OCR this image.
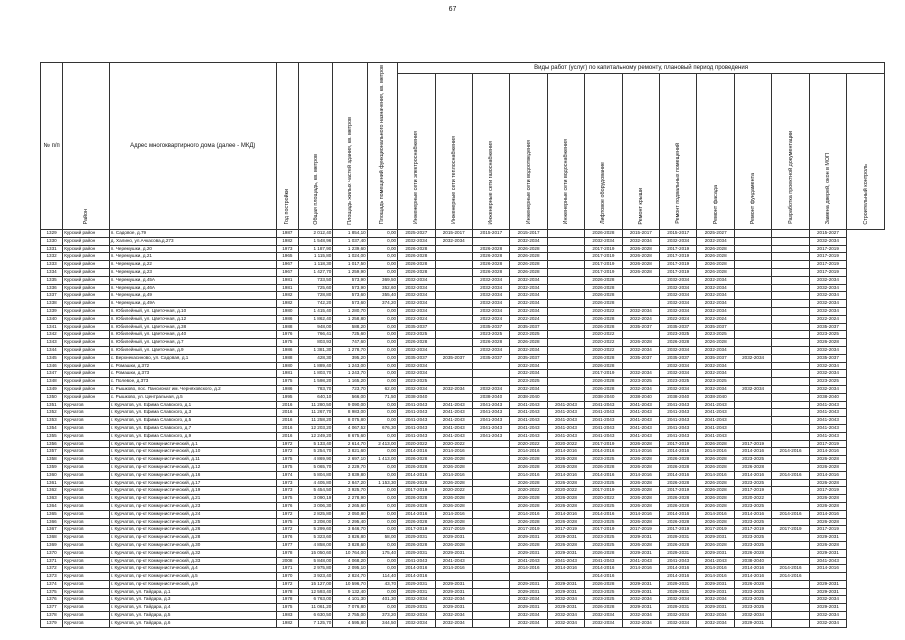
67
№ п/п	Район	Адрес многоквартирного дома (далее - МКД)	Год постройки	Общая площадь, кв. метров	Площадь жилых частей здания, кв. метров	Площадь помещений функционального назначения, кв. метров	Виды работ (услуг) по капитальному ремонту, плановый период проведения												
							Инженерные сети электроснабжения	Инженерные сети теплоснабжения	Инженерные сети газоснабжения	Инженерные сети водоотведения	Инженерные сети водоснабжения	Лифтовое оборудование	Ремонт крыши	Ремонт подвальных помещений	Ремонт фасада	Ремонт фундамента	Разработка проектной документации	Замена дверей, окон в МОП	Строительный контроль
1329	Курский район	п. Садовое, д.79	1987	2 012,40	1 854,10	0,00	2025-2027	2015-2017	2015-2017	2015-2017		2026-2028	2015-2017	2015-2017	2025-2027			2015-2027	
1330	Курский район	д. Халино, ул.Ачкасова,д.273	1982	1 548,96	1 037,40	0,00	2032-2034	2032-2034		2032-2034		2032-2034	2032-2034	2032-2034	2032-2034			2032-2034	
1331	Курский район	п. Черемушки, д.20	1973	1 187,90	1 239,60	0,00	2026-2028		2026-2028	2026-2028		2017-2019	2026-2028	2017-2019	2026-2028			2017-2019	
1332	Курский район	п. Черемушки, д.21	1965	1 115,80	1 024,00	0,00	2026-2028		2026-2028	2026-2028		2017-2019	2026-2028	2017-2019	2026-2028			2017-2019	
1333	Курский район	п. Черемушки, д.22	1967	1 118,30	1 017,50	0,00	2026-2028		2026-2028	2026-2028		2017-2019	2026-2028	2017-2019	2026-2028			2017-2019	
1334	Курский район	п. Черемушки, д.23	1967	1 427,70	1 259,90	0,00	2026-2028		2026-2028	2026-2028		2017-2019	2026-2028	2017-2019	2026-2028			2017-2019	
1335	Курский район	п. Черемушки, д.45А	1981	733,50	573,90	369,50	2032-2034		2032-2034	2032-2034		2026-2028		2032-2034	2032-2034			2032-2034	
1336	Курский район	п. Черемушки, д.46А	1981	725,60	573,90	352,60	2032-2034		2032-2034	2032-2034		2026-2028		2032-2034	2032-2034			2032-2034	
1337	Курский район	п. Черемушки, д.49	1982	728,80	573,60	355,40	2032-2034		2032-2034	2032-2034		2026-2028		2032-2034	2032-2034			2032-2034	
1338	Курский район	п. Черемушки, д.49А	1982	742,20	573,60	374,20	2032-2034		2032-2034	2032-2034		2026-2028		2032-2034	2032-2034			2032-2034	
1339	Курский район	п. Юбилейный, ул. Цветочная, д.10	1980	1 415,40	1 280,70	0,00	2032-2034		2032-2034	2032-2034		2020-2022	2032-2034	2032-2034	2032-2034			2032-2034	
1340	Курский район	п. Юбилейный, ул. Цветочная, д.12	1986	1 862,40	1 258,80	0,00	2022-2024		2022-2024	2022-2024		2026-2028	2022-2024	2022-2024	2022-2024			2022-2024	
1341	Курский район	п. Юбилейный, ул. Цветочная, д.38	1988	948,00	588,20	0,00	2035-2037		2035-2037	2035-2037		2026-2028	2035-2037	2035-2037	2035-2037			2035-2037	
1342	Курский район	п. Юбилейный, ул. Цветочная, д.40	1976	766,41	725,60	0,00	2023-2025		2023-2025	2023-2025		2020-2022		2023-2025	2023-2025			2023-2025	
1343	Курский район	п. Юбилейный, ул. Цветочная, д.7	1975	803,93	747,60	0,00	2026-2028		2026-2028	2026-2028		2020-2022	2026-2028	2026-2028	2026-2028			2026-2028	
1344	Курский район	п. Юбилейный, ул. Цветочная, д.9	1986	1 381,30	1 278,70	0,00	2032-2034		2032-2034	2032-2034		2020-2022	2032-2034	2032-2034	2032-2034			2032-2034	
1345	Курский район	с. Верхнекасиново, ул. Садовая, д.1	1988	428,30	395,20	0,00	2035-2037	2035-2037	2035-2037	2035-2037		2026-2028	2035-2037	2035-2037	2035-2037	2032-2034		2035-2037	
1346	Курский район	с. Ромашки, д.372	1980	1 889,40	1 243,00	0,00	2032-2034			2032-2034		2026-2028		2032-2034	2032-2034			2032-2034	
1347	Курский район	с. Ромашки, д.373	1981	1 803,70	1 243,70	0,00	2032-2034			2032-2034		2017-2019	2032-2034	2032-2034	2032-2034			2032-2034	
1348	Курский район	с. Полевое, д.373	1975	1 598,20	1 165,20	0,00	2023-2025			2023-2025		2026-2028	2023-2025	2023-2025	2023-2025			2023-2025	
1349	Курский район	с. Рышково, пос. Пансионат им. Черняховского, д.2	1986	783,70	723,70	62,00	2032-2034	2032-2034	2032-2034	2032-2034		2026-2028	2032-2034	2032-2034	2032-2034	2032-2034		2032-2034	
1350	Курский район	с. Рышково, ул. Центральная, д.5	1995	640,10	566,00	71,50	2038-2040		2038-2040	2038-2040		2038-2040	2038-2040	2038-2040	2038-2040			2038-2040	
1351	Курчатов	г. Курчатов, ул. Ефима Славского, д.1	2016	11 280,50	9 090,00	0,00	2041-2043	2041-2043	2041-2043	2041-2043	2041-2043	2041-2043	2041-2043	2041-2043	2041-2043			2041-2043	
1352	Курчатов	г. Курчатов, ул. Ефима Славского, д.3	2016	11 267,70	8 983,00	0,00	2041-2043	2041-2043	2041-2043	2041-2043	2041-2043	2041-2043	2041-2043	2041-2043	2041-2043			2041-2043	
1353	Курчатов	г. Курчатов, ул. Ефима Славского, д.5	2016	11 258,20	8 075,80	0,00	2041-2043	2041-2043	2041-2043	2041-2043	2041-2043	2041-2043	2041-2043	2041-2043	2041-2043			2041-2043	
1354	Курчатов	г. Курчатов, ул. Ефима Славского, д.7	2016	12 203,20	4 067,52	676,30	2041-2043	2041-2043	2041-2043	2041-2043	2041-2043	2041-2043	2041-2043	2041-2043	2041-2043			2041-2043	
1355	Курчатов	г. Курчатов, ул. Ефима Славского, д.9	2016	12 249,20	8 675,60	0,00	2041-2043	2041-2043	2041-2043	2041-2043	2041-2043	2041-2043	2041-2043	2041-2043	2041-2043			2041-2043	
1356	Курчатов	г. Курчатов, пр-кт Коммунистический, д.1	1972	5 133,40	2 614,70	2 413,00	2020-2022	2020-2022		2020-2022	2020-2022	2017-2019	2026-2028	2017-2019	2026-2028	2017-2019		2017-2019	
1357	Курчатов	г. Курчатов, пр-кт Коммунистический, д.10	1972	5 254,70	3 821,60	0,00	2014-2016	2014-2016		2014-2016	2014-2016	2014-2016	2014-2016	2014-2016	2014-2016	2014-2016	2014-2016	2014-2016	
1358	Курчатов	г. Курчатов, пр-кт Коммунистический, д.11	1975	4 869,90	2 697,10	1 413,00	2026-2028	2026-2028		2026-2028	2026-2028	2023-2025	2026-2028	2026-2028	2026-2028	2023-2025		2026-2028	
1359	Курчатов	г. Курчатов, пр-кт Коммунистический, д.12	1975	5 065,70	2 229,70	0,00	2026-2028	2026-2028		2026-2028	2026-2028	2026-2028	2026-2028	2026-2028	2026-2028	2026-2028		2026-2028	
1360	Курчатов	г. Курчатов, пр-кт Коммунистический, д.16	1974	5 804,80	3 839,80	0,00	2014-2016	2014-2016		2014-2016	2014-2016	2014-2016	2014-2016	2014-2016	2014-2016	2014-2016	2014-2016	2014-2016	
1361	Курчатов	г. Курчатов, пр-кт Коммунистический, д.17	1973	4 405,80	2 847,20	1 153,30	2026-2028	2026-2028		2026-2028	2026-2028	2023-2025	2026-2028	2026-2028	2026-2028	2023-2025		2026-2028	
1362	Курчатов	г. Курчатов, пр-кт Коммунистический, д.19	1973	5 454,50	3 925,70	0,00	2017-2019	2020-2022		2020-2022	2020-2022	2017-2019	2026-2028	2017-2019	2026-2028	2017-2019		2017-2019	
1363	Курчатов	г. Курчатов, пр-кт Коммунистический, д.21	1975	3 090,19	2 278,90	0,00	2026-2028	2026-2028		2026-2028	2026-2028	2020-2022	2026-2028	2026-2028	2026-2028	2020-2022		2026-2028	
1364	Курчатов	г. Курчатов, пр-кт Коммунистический, д.23	1976	3 006,30	2 265,60	0,00	2026-2028	2026-2028		2026-2028	2026-2028	2023-2025	2026-2028	2026-2028	2026-2028	2023-2025		2026-2028	
1365	Курчатов	г. Курчатов, пр-кт Коммунистический, д.24	1972	2 825,80	2 050,80	0,00	2014-2016	2014-2016		2014-2016	2014-2016	2014-2016	2014-2016	2014-2016	2014-2016	2014-2016	2014-2016	2014-2016	
1366	Курчатов	г. Курчатов, пр-кт Коммунистический, д.25	1975	3 208,00	2 295,40	0,00	2026-2028	2026-2028		2026-2028	2026-2028	2023-2025	2026-2028	2026-2028	2026-2028	2023-2025		2026-2028	
1367	Курчатов	г. Курчатов, пр-кт Коммунистический, д.26	1972	5 299,60	3 846,70	0,00	2017-2019	2017-2019		2017-2019	2017-2019	2017-2019	2017-2019	2017-2019	2017-2019	2017-2019	2017-2019	2017-2019	
1368	Курчатов	г. Курчатов, пр-кт Коммунистический, д.28	1976	5 323,60	3 826,80	58,00	2029-2031	2029-2031		2029-2031	2029-2031	2023-2025	2029-2031	2029-2031	2029-2031	2023-2025		2029-2031	
1369	Курчатов	г. Курчатов, пр-кт Коммунистический, д.30	1977	4 858,00	3 828,60	0,00	2026-2028	2026-2028		2026-2028	2026-2028	2023-2025	2026-2028	2026-2028	2026-2028	2023-2025		2026-2028	
1370	Курчатов	г. Курчатов, пр-кт Коммунистический, д.32	1978	15 050,60	10 764,00	175,40	2029-2031	2029-2031		2029-2031	2029-2031	2026-2028	2029-2031	2029-2031	2029-2031	2026-2028		2029-2031	
1371	Курчатов	г. Курчатов, пр-кт Коммунистический, д.33	2008	5 848,00	4 068,20	0,00	2041-2043	2041-2043		2041-2043	2041-2043	2041-2043	2041-2043	2041-2043	2041-2043	2038-2040		2041-2043	
1372	Курчатов	г. Курчатов, пр-кт Коммунистический, д.4	1971	2 975,80	2 095,10	0,00	2014-2016	2014-2016		2014-2016	2014-2016	2014-2016	2014-2016	2014-2016	2014-2016	2014-2016	2014-2016	2014-2016	
1373	Курчатов	г. Курчатов, пр-кт Коммунистический, д.5	1970	3 923,40	2 824,70	114,40	2014-2016					2014-2016		2014-2016	2014-2016	2014-2016	2014-2016		
1374	Курчатов	г. Курчатов, пр-кт Коммунистический, д.9	1972	15 127,00	10 596,70	43,70	2029-2031	2029-2031		2029-2031	2029-2031	2026-2028	2029-2031	2029-2031	2029-2031	2026-2028		2029-2031	
1375	Курчатов	г. Курчатов, ул. Гайдара, д.1	1978	12 593,40	9 132,40	0,00	2029-2031	2029-2031		2029-2031	2029-2031	2023-2025	2029-2031	2029-2031	2029-2031	2023-2025		2029-2031	
1376	Курчатов	г. Курчатов, ул. Гайдара, д.3	1978	6 763,00	4 101,30	401,30	2032-2034	2032-2034		2032-2034	2032-2034	2023-2025	2032-2034	2032-2034	2032-2034	2023-2025		2032-2034	
1377	Курчатов	г. Курчатов, ул. Гайдара, д.4	1975	11 061,20	7 076,80	0,00	2029-2031	2029-2031		2029-2031	2029-2031	2026-2028	2029-2031	2029-2031	2029-2031	2023-2025		2029-2031	
1378	Курчатов	г. Курчатов, ул. Гайдара, д.5	1983	6 630,50	2 755,00	373,20	2032-2034	2032-2034		2032-2034	2032-2034	2032-2034	2032-2034	2032-2034	2032-2034	2032-2034		2032-2034	
1379	Курчатов	г. Курчатов, ул. Гайдара, д.6	1982	7 125,70	4 595,80	344,50	2032-2034	2032-2034		2032-2034	2032-2034	2032-2034	2032-2034	2032-2034	2032-2034	2029-2031		2032-2034	
